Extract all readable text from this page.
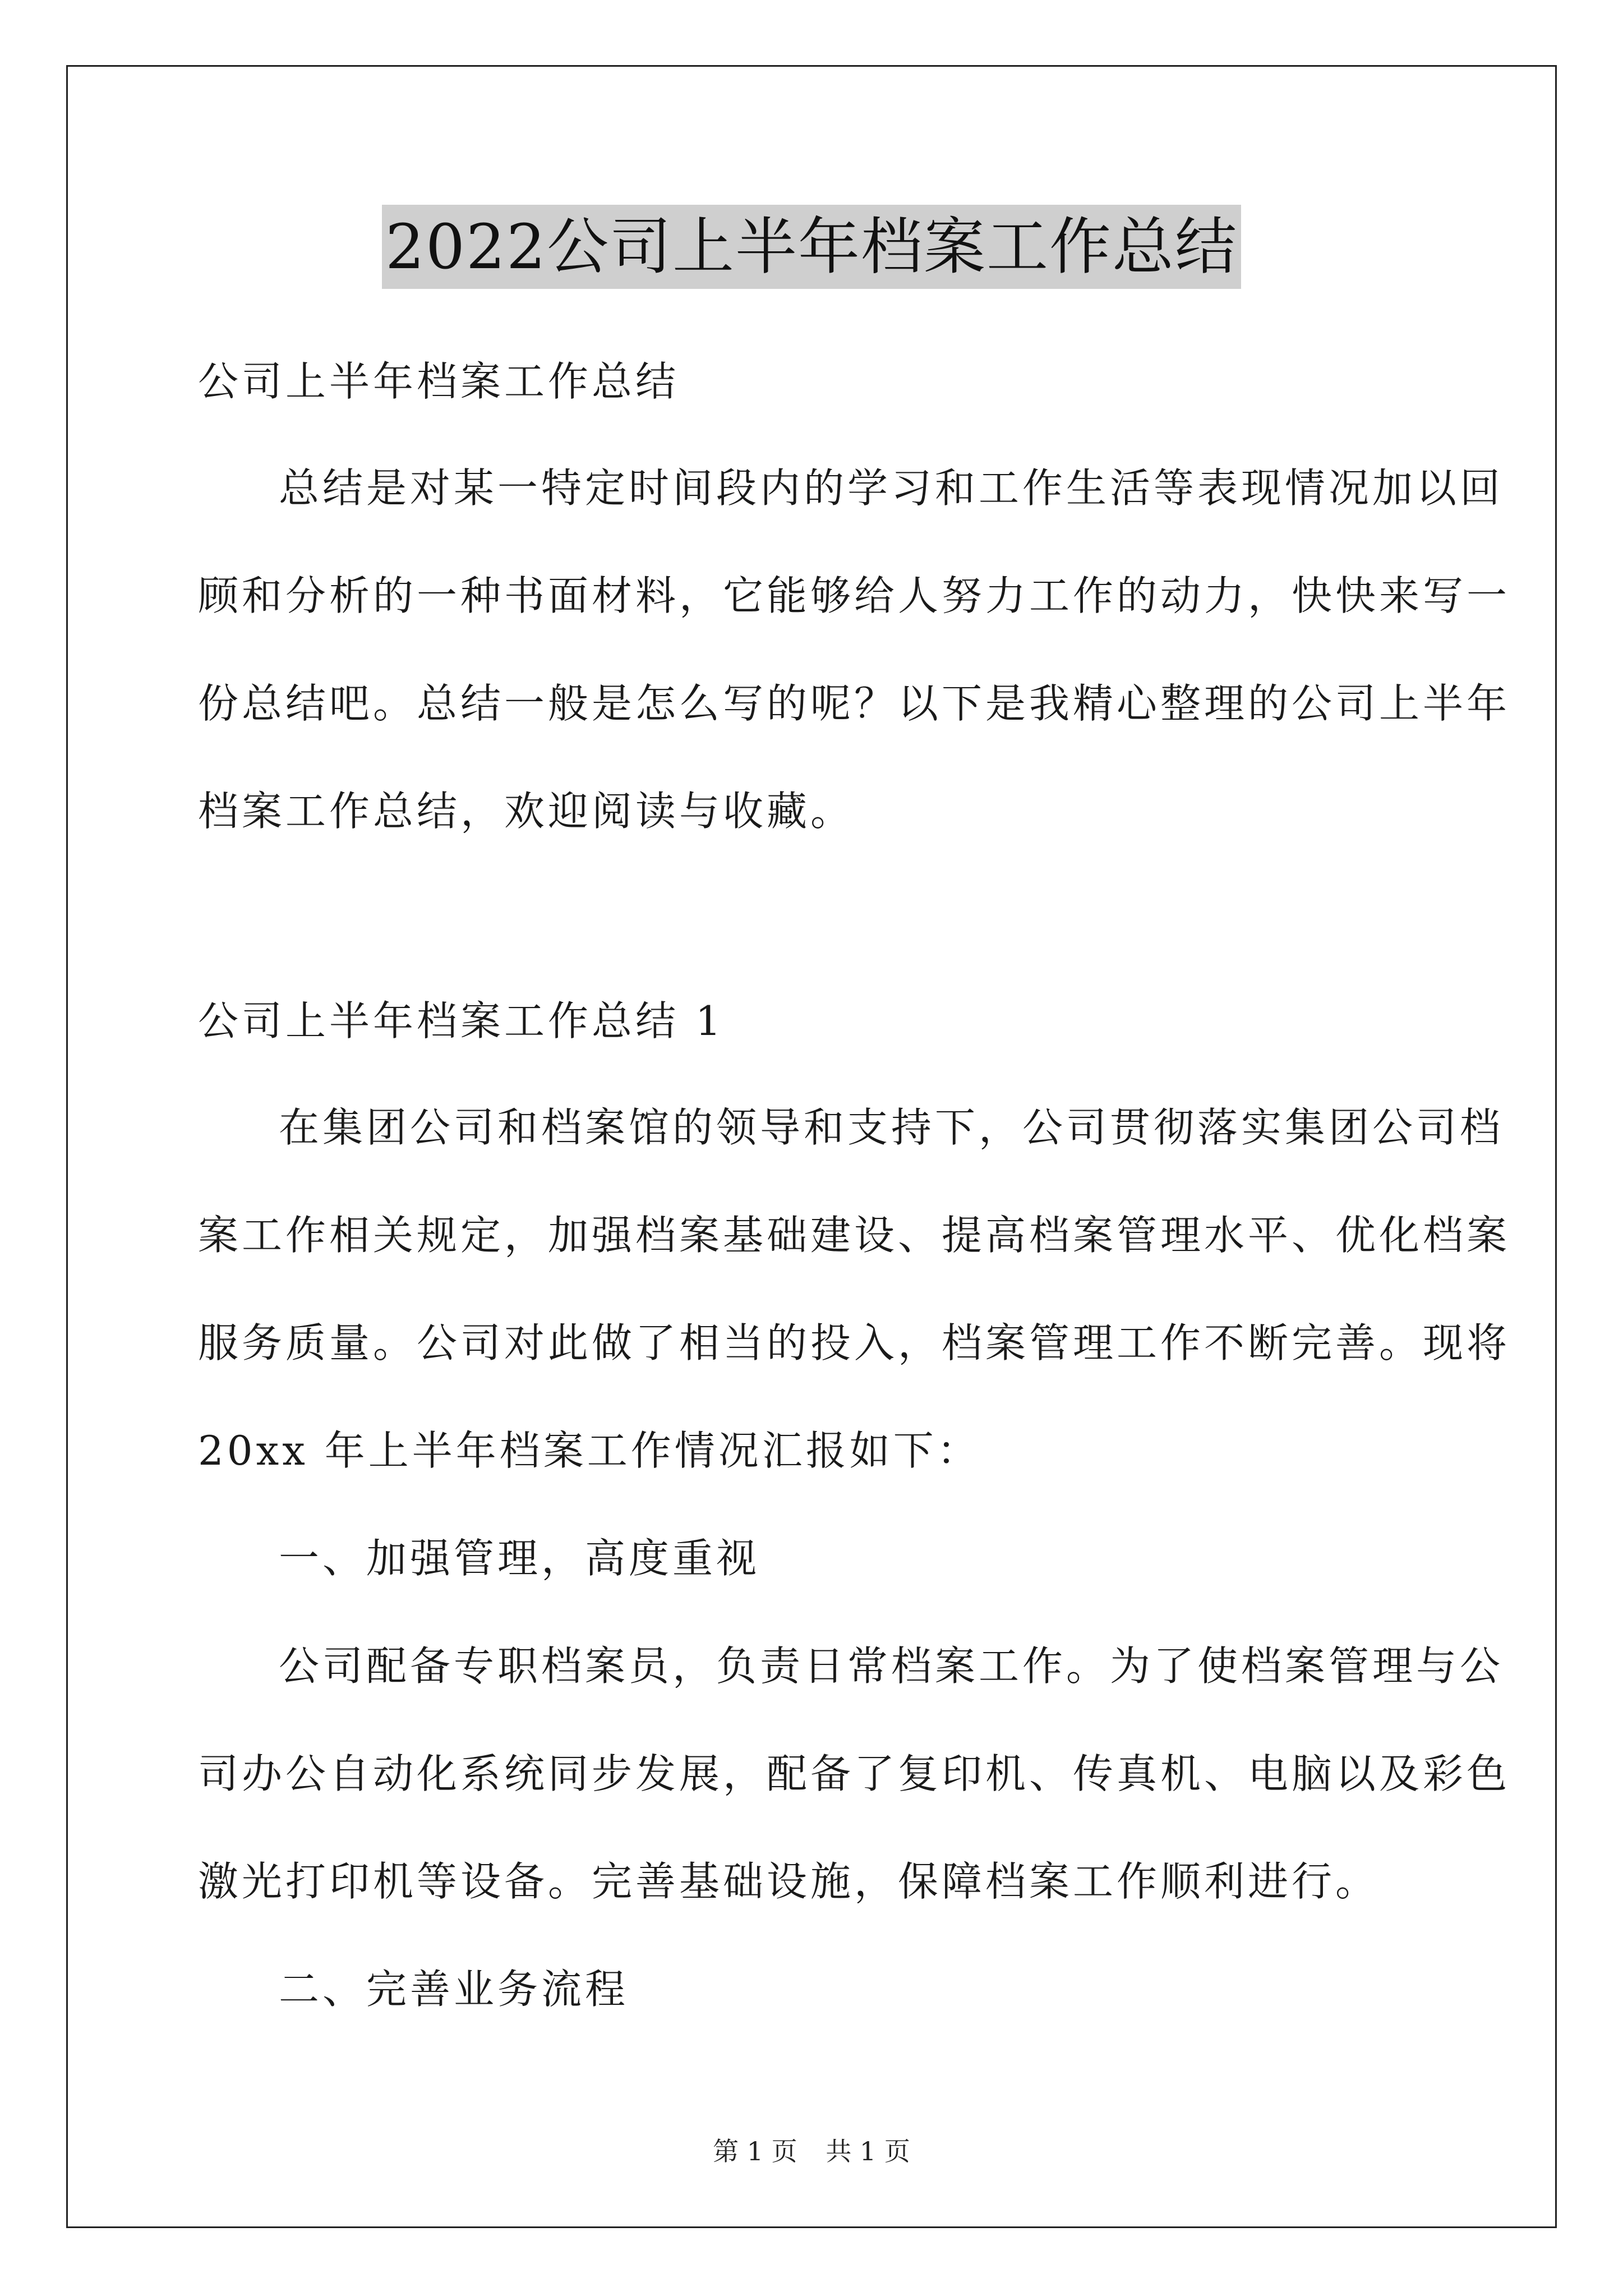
2022公司上半年档案工作总结
公司上半年档案工作总结
总结是对某一特定时间段内的学习和工作生活等表现情况加以回
顾和分析的一种书面材料，它能够给人努力工作的动力，快快来写一
份总结吧。总结一般是怎么写的呢？以下是我精心整理的公司上半年
档案工作总结，欢迎阅读与收藏。
公司上半年档案工作总结 1
在集团公司和档案馆的领导和支持下，公司贯彻落实集团公司档
案工作相关规定，加强档案基础建设、提高档案管理水平、优化档案
服务质量。公司对此做了相当的投入，档案管理工作不断完善。现将
20xx 年上半年档案工作情况汇报如下：
一、加强管理，高度重视
公司配备专职档案员，负责日常档案工作。为了使档案管理与公
司办公自动化系统同步发展，配备了复印机、传真机、电脑以及彩色
激光打印机等设备。完善基础设施，保障档案工作顺利进行。
二、完善业务流程
第 1 页 共 1 页
